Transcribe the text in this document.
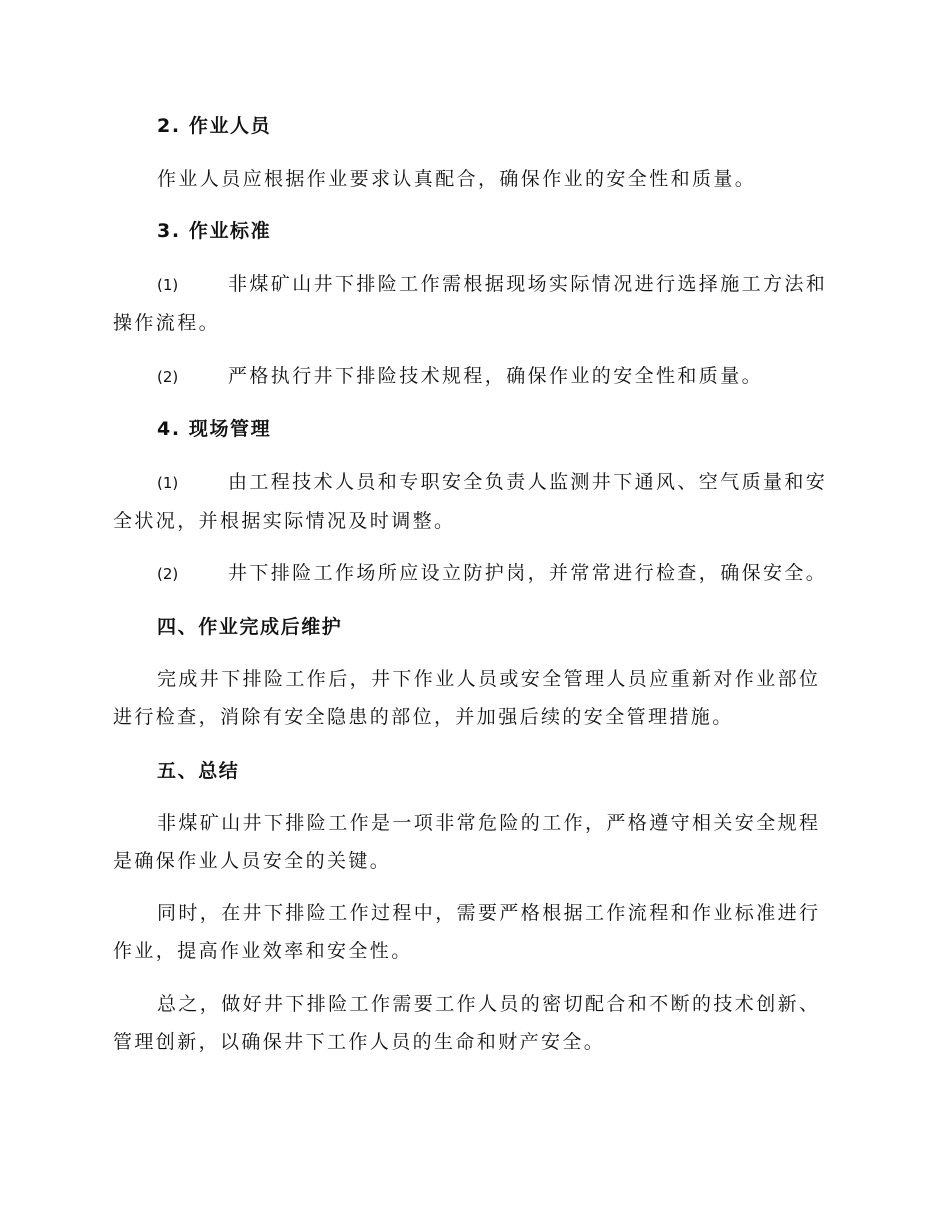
2. 作业人员

作业人员应根据作业要求认真配合，确保作业的安全性和质量。

3. 作业标准

(1)	非煤矿山井下排险工作需根据现场实际情况进行选择施工方法和操作流程。

(2)	严格执行井下排险技术规程，确保作业的安全性和质量。

4. 现场管理

(1)	由工程技术人员和专职安全负责人监测井下通风、空气质量和安全状况，并根据实际情况及时调整。

(2)	井下排险工作场所应设立防护岗，并常常进行检查，确保安全。

四、作业完成后维护

完成井下排险工作后，井下作业人员或安全管理人员应重新对作业部位进行检查，消除有安全隐患的部位，并加强后续的安全管理措施。

五、总结

非煤矿山井下排险工作是一项非常危险的工作，严格遵守相关安全规程是确保作业人员安全的关键。

同时，在井下排险工作过程中，需要严格根据工作流程和作业标准进行作业，提高作业效率和安全性。

总之，做好井下排险工作需要工作人员的密切配合和不断的技术创新、管理创新，以确保井下工作人员的生命和财产安全。
